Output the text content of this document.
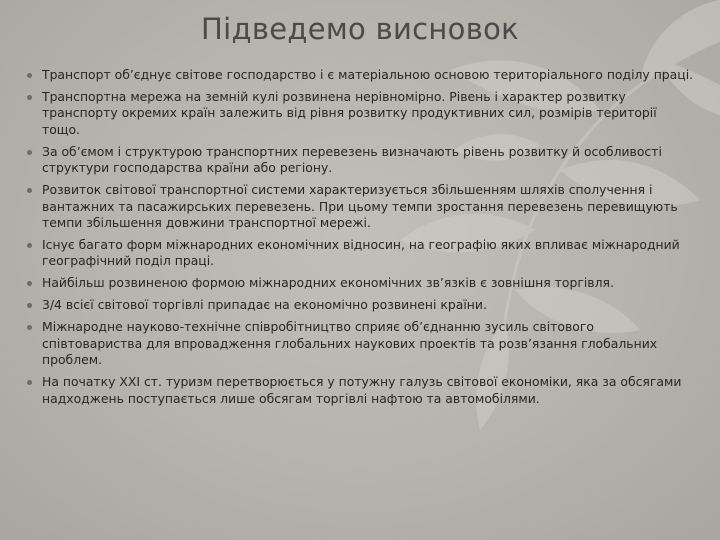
Підведемо висновок
Транспорт об’єднує світове господарство і є матеріальною основою територіального поділу праці.
Транспортна мережа на земній кулі розвинена нерівномірно. Рівень і характер розвитку транспорту окремих країн залежить від рівня розвитку продуктивних сил, розмірів території тощо.
За об’ємом і структурою транспортних перевезень визначають рівень розвитку й особливості структури господарства країни або регіону.
Розвиток світової транспортної системи характеризується збільшенням шляхів сполучення і вантажних та пасажирських перевезень. При цьому темпи зростання перевезень перевищують темпи збільшення довжини транспортної мережі.
Існує багато форм міжнародних економічних відносин, на географію яких впливає міжнародний географічний поділ праці.
Найбільш розвиненою формою міжнародних економічних зв’язків є зовнішня торгівля.
3/4 всієї світової торгівлі припадає на економічно розвинені країни.
Міжнародне науково-технічне співробітництво сприяє об’єднанню зусиль світового співтовариства для впровадження глобальних наукових проектів та розв’язання глобальних проблем.
На початку XXI ст. туризм перетворюється у потужну галузь світової економіки, яка за обсягами надходжень поступається лише обсягам торгівлі нафтою та автомобілями.
